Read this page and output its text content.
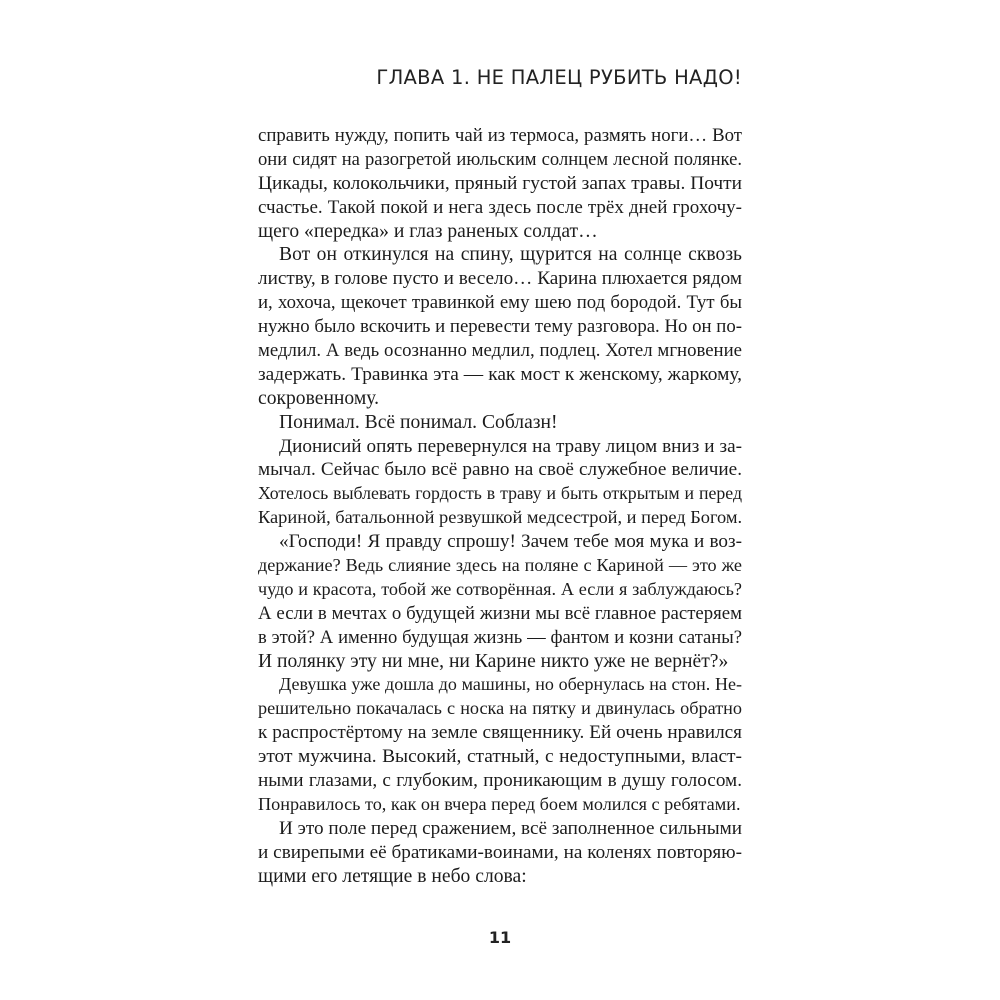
ГЛАВА 1. НЕ ПАЛЕЦ РУБИТЬ НАДО!
справить нужду, попить чай из термоса, размять ноги… Вот
они сидят на разогретой июльским солнцем лесной полянке.
Цикады, колокольчики, пряный густой запах травы. Почти
счастье. Такой покой и нега здесь после трёх дней грохочу-
щего «передка» и глаз раненых солдат…
Вот он откинулся на спину, щурится на солнце сквозь
листву, в голове пусто и весело… Карина плюхается рядом
и, хохоча, щекочет травинкой ему шею под бородой. Тут бы
нужно было вскочить и перевести тему разговора. Но он по-
медлил. А ведь осознанно медлил, подлец. Хотел мгновение
задержать. Травинка эта — как мост к женскому, жаркому,
сокровенному.
Понимал. Всё понимал. Соблазн!
Дионисий опять перевернулся на траву лицом вниз и за-
мычал. Сейчас было всё равно на своё служебное величие.
Хотелось выблевать гордость в траву и быть открытым и перед
Кариной, батальонной резвушкой медсестрой, и перед Богом.
«Господи! Я правду спрошу! Зачем тебе моя мука и воз-
держание? Ведь слияние здесь на поляне с Кариной — это же
чудо и красота, тобой же сотворённая. А если я заблуждаюсь?
А если в мечтах о будущей жизни мы всё главное растеряем
в этой? А именно будущая жизнь — фантом и козни сатаны?
И полянку эту ни мне, ни Карине никто уже не вернёт?»
Девушка уже дошла до машины, но обернулась на стон. Не-
решительно покачалась с носка на пятку и двинулась обратно
к распростёртому на земле священнику. Ей очень нравился
этот мужчина. Высокий, статный, с недоступными, власт-
ными глазами, с глубоким, проникающим в душу голосом.
Понравилось то, как он вчера перед боем молился с ребятами.
И это поле перед сражением, всё заполненное сильными
и свирепыми её братиками-воинами, на коленях повторяю-
щими его летящие в небо слова:
11
